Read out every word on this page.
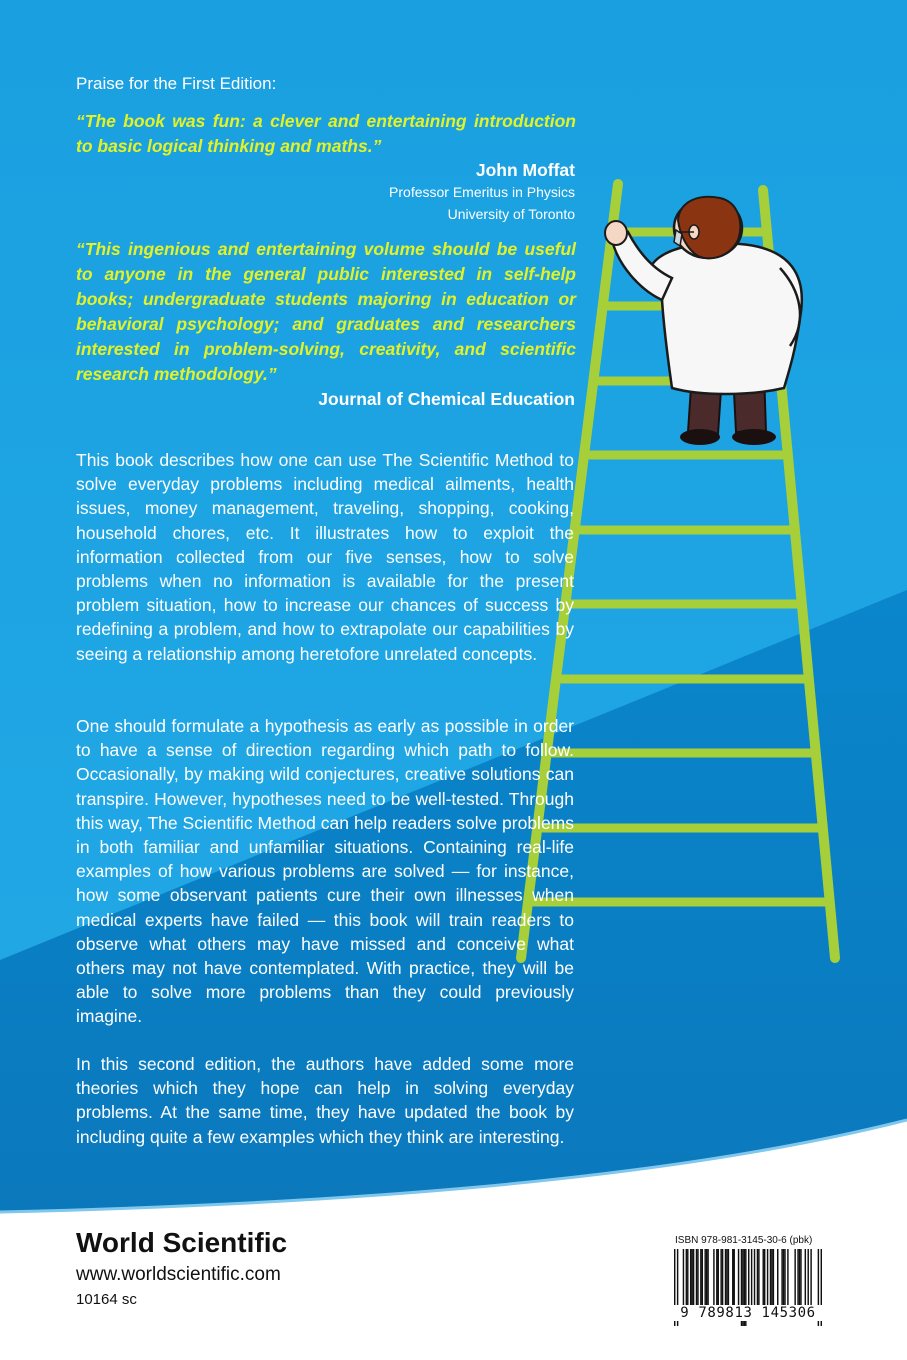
Praise for the First Edition:
“The book was fun: a clever and entertaining introduction to basic logical thinking and maths.”
John Moffat
Professor Emeritus in Physics
University of Toronto
“This ingenious and entertaining volume should be useful to anyone in the general public interested in self-help books; undergraduate students majoring in education or behavioral psychology; and graduates and researchers interested in problem-solving, creativity, and scientific research methodology.”
Journal of Chemical Education
This book describes how one can use The Scientific Method to solve everyday problems including medical ailments, health issues, money management, traveling, shopping, cooking, household chores, etc. It illustrates how to exploit the information collected from our five senses, how to solve problems when no information is available for the present problem situation, how to increase our chances of success by redefining a problem, and how to extrapolate our capabilities by seeing a relationship among heretofore unrelated concepts.
One should formulate a hypothesis as early as possible in order to have a sense of direction regarding which path to follow. Occasionally, by making wild conjectures, creative solutions can transpire. However, hypotheses need to be well-tested. Through this way, The Scientific Method can help readers solve problems in both familiar and unfamiliar situations. Containing real-life examples of how various problems are solved — for instance, how some observant patients cure their own illnesses when medical experts have failed — this book will train readers to observe what others may have missed and conceive what others may not have contemplated. With practice, they will be able to solve more problems than they could previously imagine.
In this second edition, the authors have added some more theories which they hope can help in solving everyday problems. At the same time, they have updated the book by including quite a few examples which they think are interesting.
World Scientific
www.worldscientific.com
10164 sc
ISBN 978-981-3145-30-6 (pbk)
9 789813 145306
